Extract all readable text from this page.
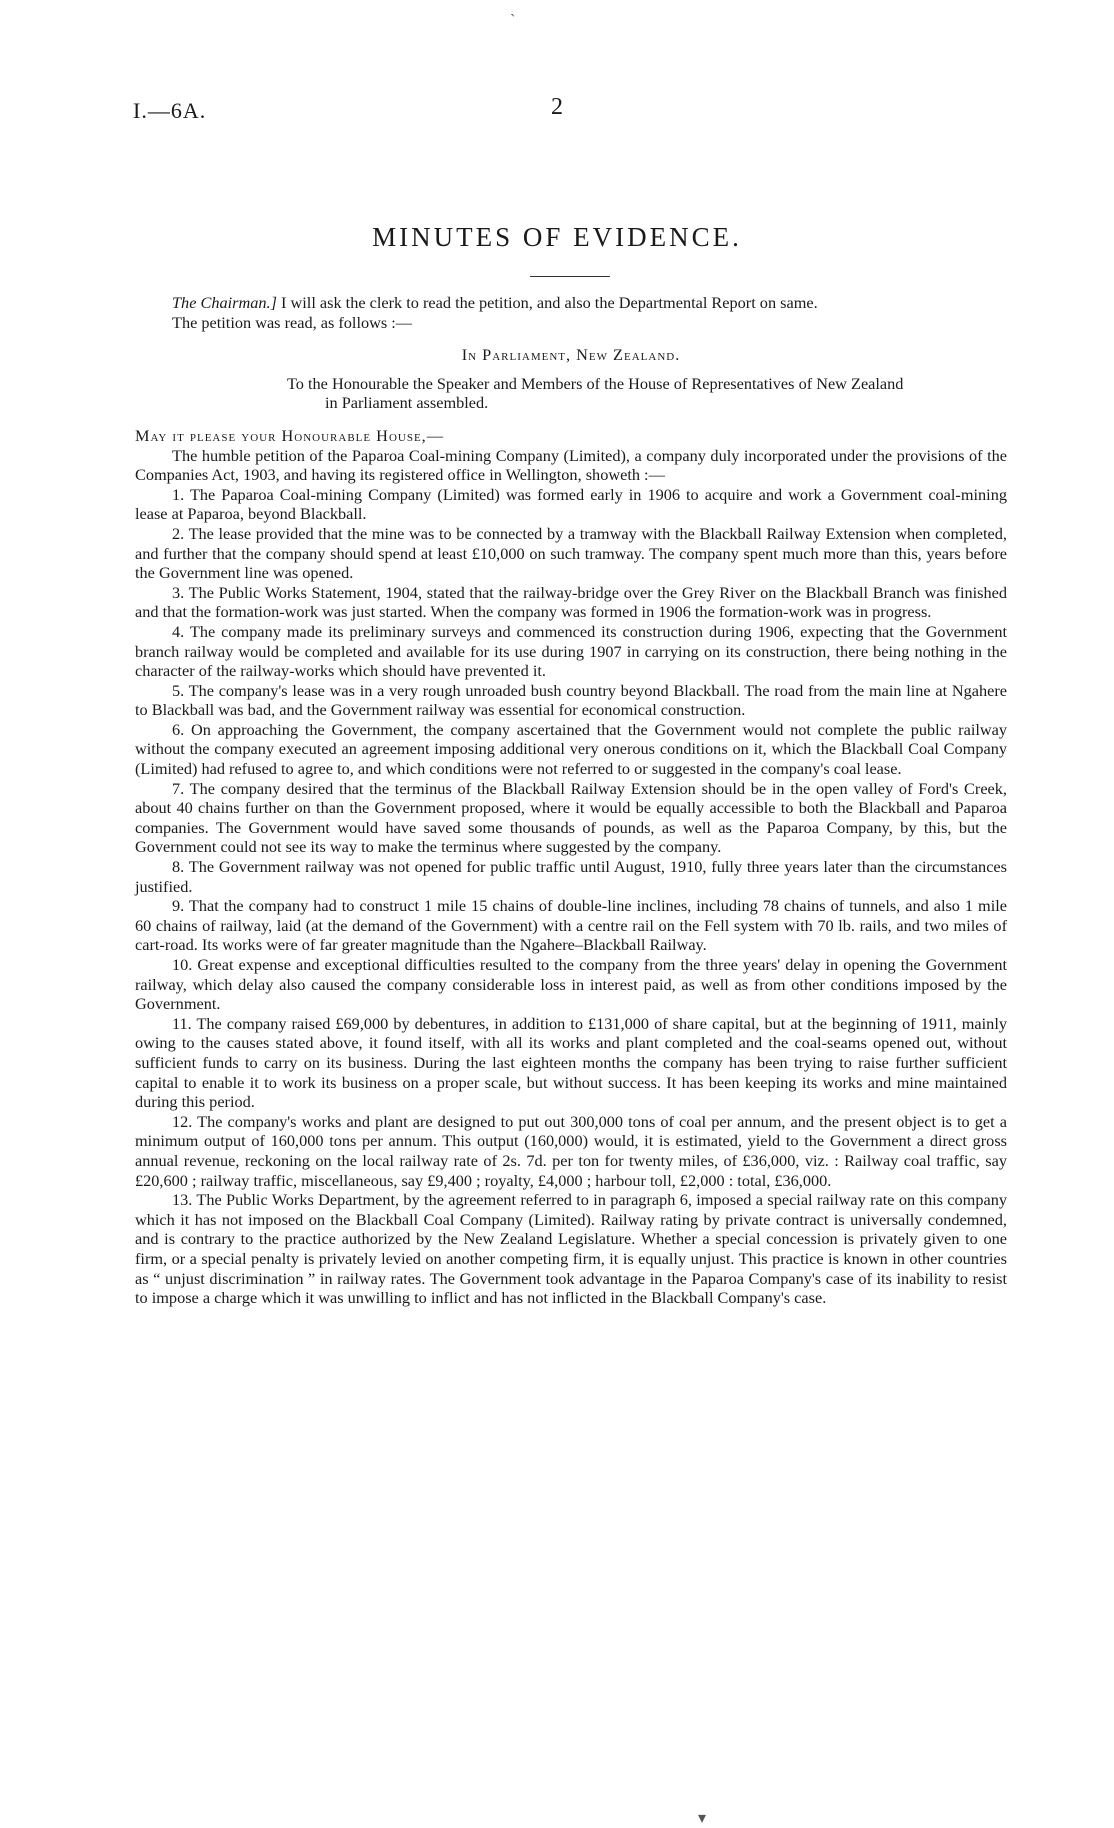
ˋ
I.—6A.	2
MINUTES OF EVIDENCE.

The Chairman.] I will ask the clerk to read the petition, and also the Departmental Report on same.

The petition was read, as follows :—

In Parliament, New Zealand.

To the Honourable the Speaker and Members of the House of Representatives of New Zealand
in Parliament assembled.

May it please your Honourable House,—

The humble petition of the Paparoa Coal-mining Company (Limited), a company duly incorporated under the provisions of the Companies Act, 1903, and having its registered office in Wellington, showeth :—

1. The Paparoa Coal-mining Company (Limited) was formed early in 1906 to acquire and work a Government coal-mining lease at Paparoa, beyond Blackball.

2. The lease provided that the mine was to be connected by a tramway with the Blackball Railway Extension when completed, and further that the company should spend at least £10,000 on such tramway. The company spent much more than this, years before the Government line was opened.

3. The Public Works Statement, 1904, stated that the railway-bridge over the Grey River on the Blackball Branch was finished and that the formation-work was just started. When the company was formed in 1906 the formation-work was in progress.

4. The company made its preliminary surveys and commenced its construction during 1906, expecting that the Government branch railway would be completed and available for its use during 1907 in carrying on its construction, there being nothing in the character of the railway-works which should have prevented it.

5. The company's lease was in a very rough unroaded bush country beyond Blackball. The road from the main line at Ngahere to Blackball was bad, and the Government railway was essential for economical construction.

6. On approaching the Government, the company ascertained that the Government would not complete the public railway without the company executed an agreement imposing additional very onerous conditions on it, which the Blackball Coal Company (Limited) had refused to agree to, and which conditions were not referred to or suggested in the company's coal lease.

7. The company desired that the terminus of the Blackball Railway Extension should be in the open valley of Ford's Creek, about 40 chains further on than the Government proposed, where it would be equally accessible to both the Blackball and Paparoa companies. The Government would have saved some thousands of pounds, as well as the Paparoa Company, by this, but the Government could not see its way to make the terminus where suggested by the company.

8. The Government railway was not opened for public traffic until August, 1910, fully three years later than the circumstances justified.

9. That the company had to construct 1 mile 15 chains of double-line inclines, including 78 chains of tunnels, and also 1 mile 60 chains of railway, laid (at the demand of the Government) with a centre rail on the Fell system with 70 lb. rails, and two miles of cart-road. Its works were of far greater magnitude than the Ngahere–Blackball Railway.

10. Great expense and exceptional difficulties resulted to the company from the three years' delay in opening the Government railway, which delay also caused the company considerable loss in interest paid, as well as from other conditions imposed by the Government.

11. The company raised £69,000 by debentures, in addition to £131,000 of share capital, but at the beginning of 1911, mainly owing to the causes stated above, it found itself, with all its works and plant completed and the coal-seams opened out, without sufficient funds to carry on its business. During the last eighteen months the company has been trying to raise further sufficient capital to enable it to work its business on a proper scale, but without success. It has been keeping its works and mine maintained during this period.

12. The company's works and plant are designed to put out 300,000 tons of coal per annum, and the present object is to get a minimum output of 160,000 tons per annum. This output (160,000) would, it is estimated, yield to the Government a direct gross annual revenue, reckoning on the local railway rate of 2s. 7d. per ton for twenty miles, of £36,000, viz. : Railway coal traffic, say £20,600 ; railway traffic, miscellaneous, say £9,400 ; royalty, £4,000 ; harbour toll, £2,000 : total, £36,000.

13. The Public Works Department, by the agreement referred to in paragraph 6, imposed a special railway rate on this company which it has not imposed on the Blackball Coal Company (Limited). Railway rating by private contract is universally condemned, and is contrary to the practice authorized by the New Zealand Legislature. Whether a special concession is privately given to one firm, or a special penalty is privately levied on another competing firm, it is equally unjust. This practice is known in other countries as “ unjust discrimination ” in railway rates. The Government took advantage in the Paparoa Company's case of its inability to resist to impose a charge which it was unwilling to inflict and has not inflicted in the Blackball Company's case.

▾
